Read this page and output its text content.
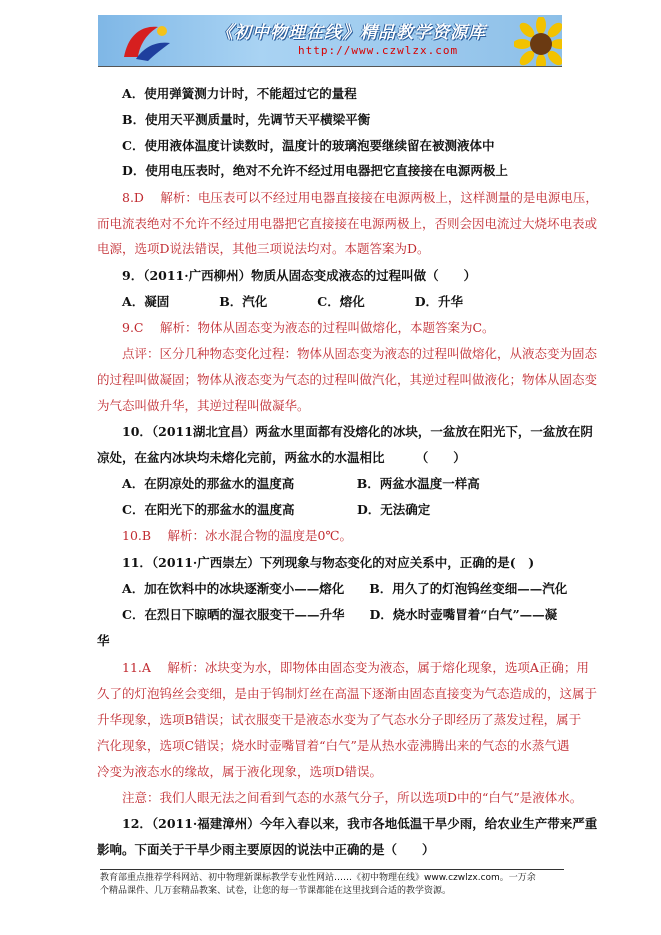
《初中物理在线》精品教学资源库
http://www.czwlzx.com
A．使用弹簧测力计时，不能超过它的量程
B．使用天平测质量时，先调节天平横梁平衡
C．使用液体温度计读数时，温度计的玻璃泡要继续留在被测液体中
D．使用电压表时，绝对不允许不经过用电器把它直接接在电源两极上
8.D　 解析：电压表可以不经过用电器直接接在电源两极上，这样测量的是电源电压，
而电流表绝对不允许不经过用电器把它直接接在电源两极上，否则会因电流过大烧坏电表或
电源，选项D说法错误，其他三项说法均对。本题答案为D。
9．（2011·广西柳州）物质从固态变成液态的过程叫做（　　）
A．凝固　　　　B．汽化　　　　C．熔化　　　　D．升华
9.C　 解析：物体从固态变为液态的过程叫做熔化，本题答案为C。
点评：区分几种物态变化过程：物体从固态变为液态的过程叫做熔化，从液态变为固态
的过程叫做凝固；物体从液态变为气态的过程叫做汽化，其逆过程叫做液化；物体从固态变
为气态叫做升华，其逆过程叫做凝华。
10．（2011湖北宜昌）两盆水里面都有没熔化的冰块，一盆放在阳光下，一盆放在阴
凉处，在盆内冰块均未熔化完前，两盆水的水温相比　　　（　　）
A．在阴凉处的那盆水的温度高　　　　　B．两盆水温度一样高
C．在阳光下的那盆水的温度高　　　　　D．无法确定
10.B　 解析：冰水混合物的温度是0℃。
11．（2011·广西崇左）下列现象与物态变化的对应关系中，正确的是(　)
A．加在饮料中的冰块逐渐变小——熔化　　B．用久了的灯泡钨丝变细——汽化
C．在烈日下晾晒的湿衣服变干——升华　　D．烧水时壶嘴冒着“白气”——凝
华
11.A　 解析：冰块变为水，即物体由固态变为液态，属于熔化现象，选项A正确；用
久了的灯泡钨丝会变细，是由于钨制灯丝在高温下逐渐由固态直接变为气态造成的，这属于
升华现象，选项B错误；试衣服变干是液态水变为了气态水分子即经历了蒸发过程，属于
汽化现象，选项C错误；烧水时壶嘴冒着“白气”是从热水壶沸腾出来的气态的水蒸气遇
冷变为液态水的缘故，属于液化现象，选项D错误。
注意：我们人眼无法之间看到气态的水蒸气分子，所以选项D中的“白气”是液体水。
12．（2011·福建漳州）今年入春以来，我市各地低温干旱少雨，给农业生产带来严重
影响。下面关于干旱少雨主要原因的说法中正确的是（　　）
教育部重点推荐学科网站、初中物理新课标教学专业性网站……《初中物理在线》www.czwlzx.com。一万余
个精品课件、几万套精品教案、试卷，让您的每一节课都能在这里找到合适的教学资源。
